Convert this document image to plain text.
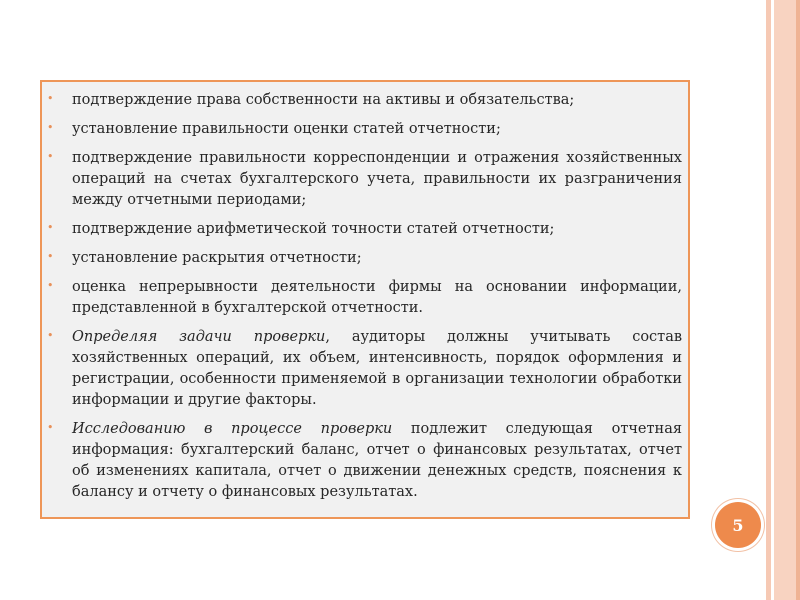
• подтверждение права собственности на активы и обязательства;
• установление правильности оценки статей отчетности;
• подтверждение правильности корреспонденции и отражения хозяйственных операций на счетах бухгалтерского учета, правильности их разграничения между отчетными периодами;
• подтверждение арифметической точности статей отчетности;
• установление раскрытия отчетности;
• оценка непрерывности деятельности фирмы на основании информации, представленной в бухгалтерской отчетности.
• Определяя задачи проверки, аудиторы должны учитывать состав хозяйственных операций, их объем, интенсивность, порядок оформления и регистрации, особенности применяемой в организации технологии обработки информации и другие факторы.
• Исследованию в процессе проверки подлежит следующая отчетная информация: бухгалтерский баланс, отчет о финансовых результатах, отчет об изменениях капитала, отчет о движении денежных средств, пояснения к балансу и отчету о финансовых результатах.
5
